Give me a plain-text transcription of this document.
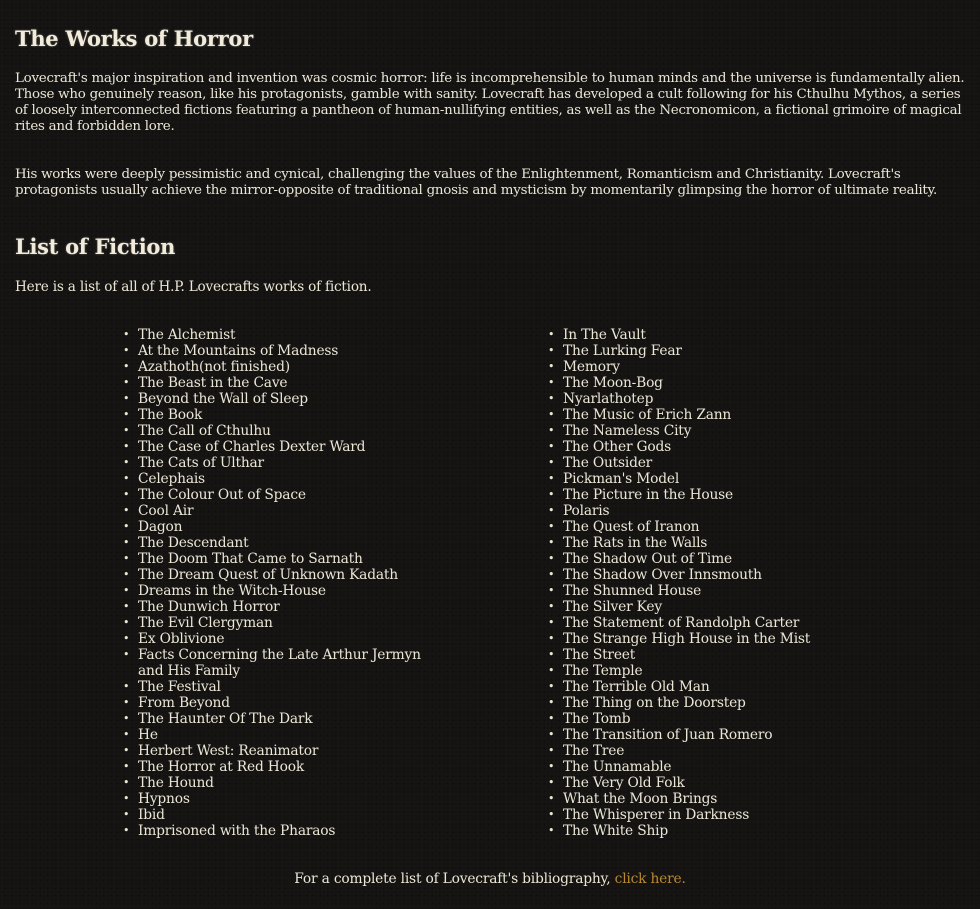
The Works of Horror

Lovecraft's major inspiration and invention was cosmic horror: life is incomprehensible to human minds and the universe is fundamentally alien. Those who genuinely reason, like his protagonists, gamble with sanity. Lovecraft has developed a cult following for his Cthulhu Mythos, a series of loosely interconnected fictions featuring a pantheon of human-nullifying entities, as well as the Necronomicon, a fictional grimoire of magical rites and forbidden lore.

His works were deeply pessimistic and cynical, challenging the values of the Enlightenment, Romanticism and Christianity. Lovecraft's protagonists usually achieve the mirror-opposite of traditional gnosis and mysticism by momentarily glimpsing the horror of ultimate reality.

List of Fiction

Here is a list of all of H.P. Lovecrafts works of fiction.

For a complete list of Lovecraft's bibliography, click here.
• The Alchemist
• At the Mountains of Madness
• Azathoth(not finished)
• The Beast in the Cave
• Beyond the Wall of Sleep
• The Book
• The Call of Cthulhu
• The Case of Charles Dexter Ward
• The Cats of Ulthar
• Celephais
• The Colour Out of Space
• Cool Air
• Dagon
• The Descendant
• The Doom That Came to Sarnath
• The Dream Quest of Unknown Kadath
• Dreams in the Witch-House
• The Dunwich Horror
• The Evil Clergyman
• Ex Oblivione
• Facts Concerning the Late Arthur Jermyn and His Family
• The Festival
• From Beyond
• The Haunter Of The Dark
• He
• Herbert West: Reanimator
• The Horror at Red Hook
• The Hound
• Hypnos
• Ibid
• Imprisoned with the Pharaos
• In The Vault
• The Lurking Fear
• Memory
• The Moon-Bog
• Nyarlathotep
• The Music of Erich Zann
• The Nameless City
• The Other Gods
• The Outsider
• Pickman's Model
• The Picture in the House
• Polaris
• The Quest of Iranon
• The Rats in the Walls
• The Shadow Out of Time
• The Shadow Over Innsmouth
• The Shunned House
• The Silver Key
• The Statement of Randolph Carter
• The Strange High House in the Mist
• The Street
• The Temple
• The Terrible Old Man
• The Thing on the Doorstep
• The Tomb
• The Transition of Juan Romero
• The Tree
• The Unnamable
• The Very Old Folk
• What the Moon Brings
• The Whisperer in Darkness
• The White Ship
